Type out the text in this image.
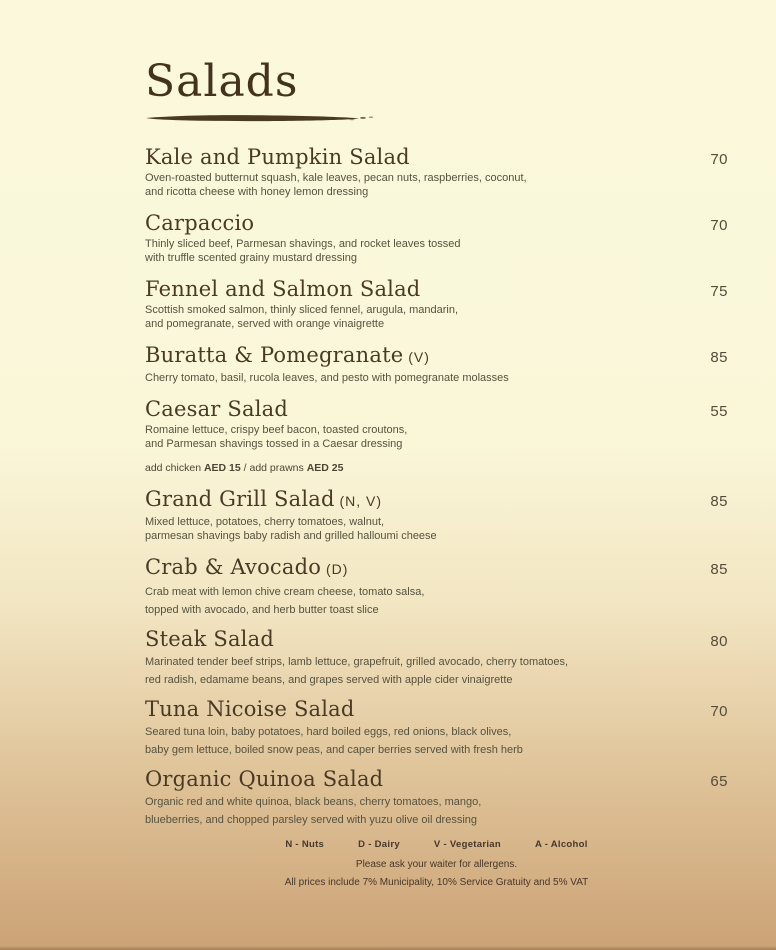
Salads
Kale and Pumpkin Salad
Oven-roasted butternut squash, kale leaves, pecan nuts, raspberries, coconut,
and ricotta cheese with honey lemon dressing
70
Carpaccio
Thinly sliced beef, Parmesan shavings, and rocket leaves tossed
with truffle scented grainy mustard dressing
70
Fennel and Salmon Salad
Scottish smoked salmon, thinly sliced fennel, arugula, mandarin,
and pomegranate, served with orange vinaigrette
75
Buratta & Pomegranate (V)
Cherry tomato, basil, rucola leaves, and pesto with pomegranate molasses
85
Caesar Salad
Romaine lettuce, crispy beef bacon, toasted croutons,
and Parmesan shavings tossed in a Caesar dressing
add chicken AED 15 / add prawns AED 25
55
Grand Grill Salad (N, V)
Mixed lettuce, potatoes, cherry tomatoes, walnut,
parmesan shavings baby radish and grilled halloumi cheese
85
Crab & Avocado (D)
Crab meat with lemon chive cream cheese, tomato salsa,
topped with avocado, and herb butter toast slice
85
Steak Salad
Marinated tender beef strips, lamb lettuce, grapefruit, grilled avocado, cherry tomatoes,
red radish, edamame beans, and grapes served with apple cider vinaigrette
80
Tuna Nicoise Salad
Seared tuna loin, baby potatoes, hard boiled eggs, red onions, black olives,
baby gem lettuce, boiled snow peas, and caper berries served with fresh herb
70
Organic Quinoa Salad
Organic red and white quinoa, black beans, cherry tomatoes, mango,
blueberries, and chopped parsley served with yuzu olive oil dressing
65
N - Nuts	D - Dairy	V - Vegetarian	A - Alcohol
Please ask your waiter for allergens.
All prices include 7% Municipality, 10% Service Gratuity and 5% VAT
